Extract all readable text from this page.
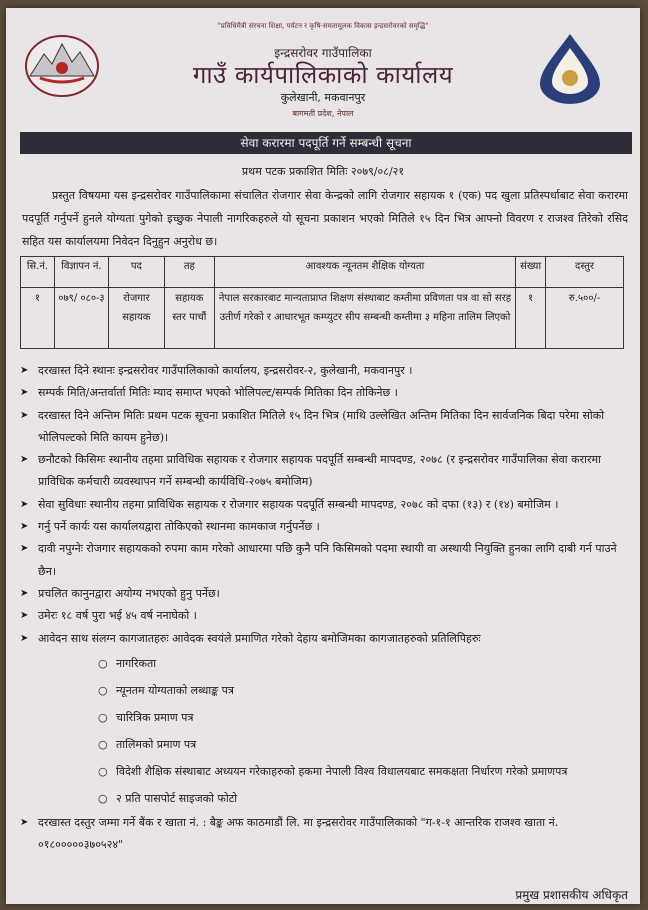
"प्रविधिमैत्री संरचना शिक्षा, पर्यटन र कृषि-समतामूलक विकास इन्द्रसरोवरको समृद्धि"
इन्द्रसरोवर गाउँपालिका
गाउँ कार्यपालिकाको कार्यालय
कुलेखानी, मकवानपुर
बागमती प्रदेश, नेपाल
सेवा करारमा पदपूर्ति गर्ने सम्बन्धी सूचना
प्रथम पटक प्रकाशित मितिः २०७९/०८/२१
प्रस्तुत विषयमा यस इन्द्रसरोवर गाउँपालिकामा संचालित रोजगार सेवा केन्द्रको लागि रोजगार सहायक १ (एक) पद खुला प्रतिस्पर्धाबाट सेवा करारमा पदपूर्ति गर्नुपर्ने हुनले योग्यता पुगेको इच्छुक नेपाली नागरिकहरुले यो सूचना प्रकाशन भएको मितिले १५ दिन भित्र आफ्नो विवरण र राजश्व तिरेको रसिद सहित यस कार्यालयमा निवेदन दिनुहुन अनुरोध छ।
सि.नं.	विज्ञापन नं.	पद	तह	आवश्यक न्यूनतम शैक्षिक योग्यता	संख्या	दस्तुर
१	०७९/ ०८०-३	रोजगार सहायक	सहायक स्तर पाचौं	नेपाल सरकारबाट मान्यताप्राप्त शिक्षण संस्थाबाट कम्तीमा प्रविणता पत्र वा सो सरह उतीर्ण गरेको र आधारभूत कम्प्युटर सीप सम्बन्धी कम्तीमा ३ महिना तालिम लिएको	१	रु.५००/-
➤ दरखास्त दिने स्थानः इन्द्रसरोवर गाउँपालिकाको कार्यालय, इन्द्रसरोवर-२, कुलेखानी, मकवानपुर ।
➤ सम्पर्क मिति/अन्तर्वार्ता मितिः म्याद समाप्त भएको भोलिपल्ट/सम्पर्क मितिका दिन तोकिनेछ ।
➤ दरखास्त दिने अन्तिम मितिः प्रथम पटक सूचना प्रकाशित मितिले १५ दिन भित्र (माथि उल्लेखित अन्तिम मितिका दिन सार्वजनिक बिदा परेमा सोको भोलिपल्टको मिति कायम हुनेछ)।
➤ छनौटको किसिमः स्थानीय तहमा प्राविधिक सहायक र रोजगार सहायक पदपूर्ति सम्बन्धी मापदण्ड, २०७८ (र इन्द्रसरोवर गाउँपालिका सेवा करारमा प्राविधिक कर्मचारी व्यवस्थापन गर्ने सम्बन्धी कार्यविधि-२०७५ बमोजिम)
➤ सेवा सुविधाः स्थानीय तहमा प्राविधिक सहायक र रोजगार सहायक पदपूर्ति सम्बन्धी मापदण्ड, २०७८ को दफा (१३) र (१४) बमोजिम ।
➤ गर्नु पर्ने कार्यः यस कार्यालयद्वारा तोकिएको स्थानमा कामकाज गर्नुपर्नेछ ।
➤ दावी नपुग्नेः रोजगार सहायकको रुपमा काम गरेको आधारमा पछि कुनै पनि किसिमको पदमा स्थायी वा अस्थायी नियुक्ति हुनका लागि दाबी गर्न पाउने छैन।
➤ प्रचलित कानुनद्वारा अयोग्य नभएको हुनु पर्नेछ।
➤ उमेरः १८ वर्ष पुरा भई ४५ वर्ष ननाघेको ।
➤ आवेदन साथ संलग्न कागजातहरुः आवेदक स्वयंले प्रमाणित गरेको देहाय बमोजिमका कागजातहरुको प्रतिलिपिहरुः
○ नागरिकता
○ न्यूनतम योग्यताको लब्धाङ्क पत्र
○ चारित्रिक प्रमाण पत्र
○ तालिमको प्रमाण पत्र
○ विदेशी शैक्षिक संस्थाबाट अध्ययन गरेकाहरुको हकमा नेपाली विश्व विधालयबाट समकक्षता निर्धारण गरेको प्रमाणपत्र
○ २ प्रति पासपोर्ट साइजको फोटो
➤ दरखास्त दस्तुर जम्मा गर्ने बैंक र खाता नं. : बैङ्क अफ काठमाडौं लि. मा इन्द्रसरोवर गाउँपालिकाको "ग-१-१ आन्तरिक राजश्व खाता नं. ०१८०००००३७०५२४"
प्रमुख प्रशासकीय अधिकृत
